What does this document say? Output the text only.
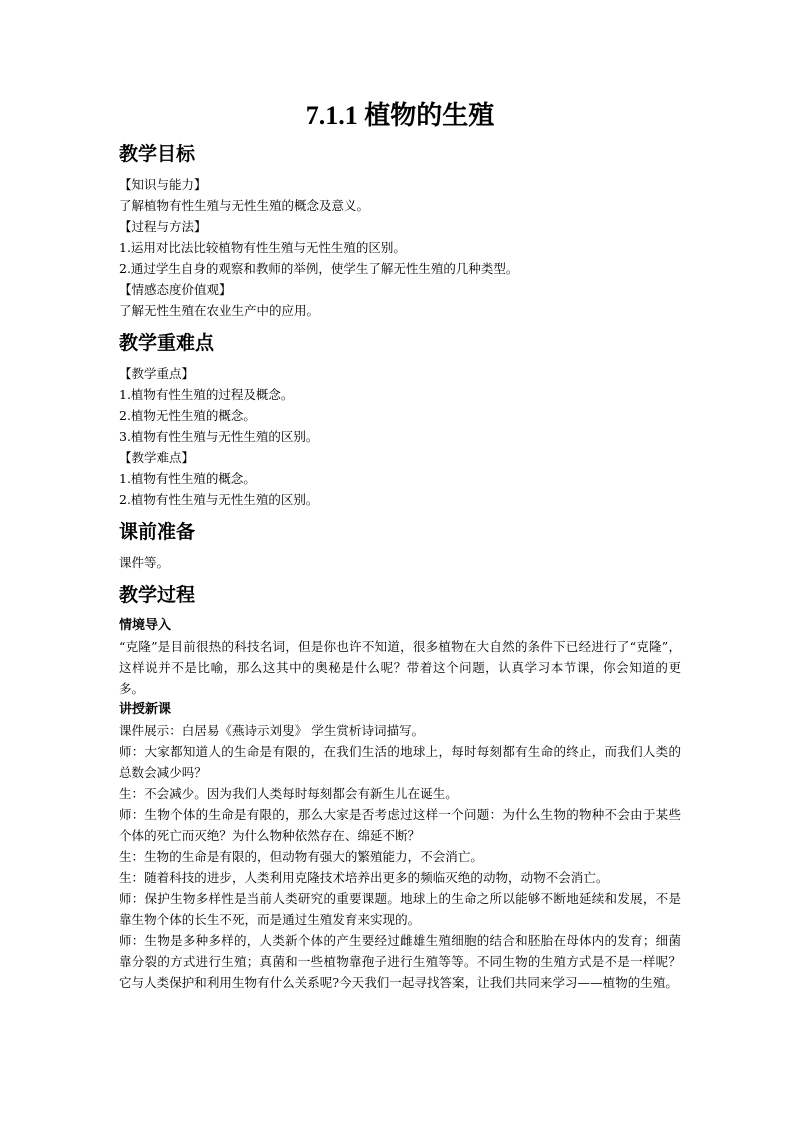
7.1.1 植物的生殖
教学目标

【知识与能力】

了解植物有性生殖与无性生殖的概念及意义。

【过程与方法】

1.运用对比法比较植物有性生殖与无性生殖的区别。

2.通过学生自身的观察和教师的举例，使学生了解无性生殖的几种类型。

【情感态度价值观】

了解无性生殖在农业生产中的应用。

教学重难点

【教学重点】

1.植物有性生殖的过程及概念。

2.植物无性生殖的概念。

3.植物有性生殖与无性生殖的区别。

【教学难点】

1.植物有性生殖的概念。

2.植物有性生殖与无性生殖的区别。

课前准备

课件等。

教学过程

情境导入

“克隆”是目前很热的科技名词，但是你也许不知道，很多植物在大自然的条件下已经进行了“克隆”，这样说并不是比喻，那么这其中的奥秘是什么呢？带着这个问题，认真学习本节课，你会知道的更多。

讲授新课

课件展示：白居易《燕诗示刘叟》 学生赏析诗词描写。

师：大家都知道人的生命是有限的，在我们生活的地球上，每时每刻都有生命的终止，而我们人类的总数会减少吗？

生：不会减少。因为我们人类每时每刻都会有新生儿在诞生。

师：生物个体的生命是有限的，那么大家是否考虑过这样一个问题：为什么生物的物种不会由于某些个体的死亡而灭绝？为什么物种依然存在、绵延不断？

生：生物的生命是有限的，但动物有强大的繁殖能力，不会消亡。

生：随着科技的进步，人类利用克隆技术培养出更多的频临灭绝的动物，动物不会消亡。

师：保护生物多样性是当前人类研究的重要课题。地球上的生命之所以能够不断地延续和发展，不是靠生物个体的长生不死，而是通过生殖发育来实现的。

师：生物是多种多样的，人类新个体的产生要经过雌雄生殖细胞的结合和胚胎在母体内的发育；细菌靠分裂的方式进行生殖；真菌和一些植物靠孢子进行生殖等等。不同生物的生殖方式是不是一样呢？它与人类保护和利用生物有什么关系呢?今天我们一起寻找答案，让我们共同来学习——植物的生殖。
